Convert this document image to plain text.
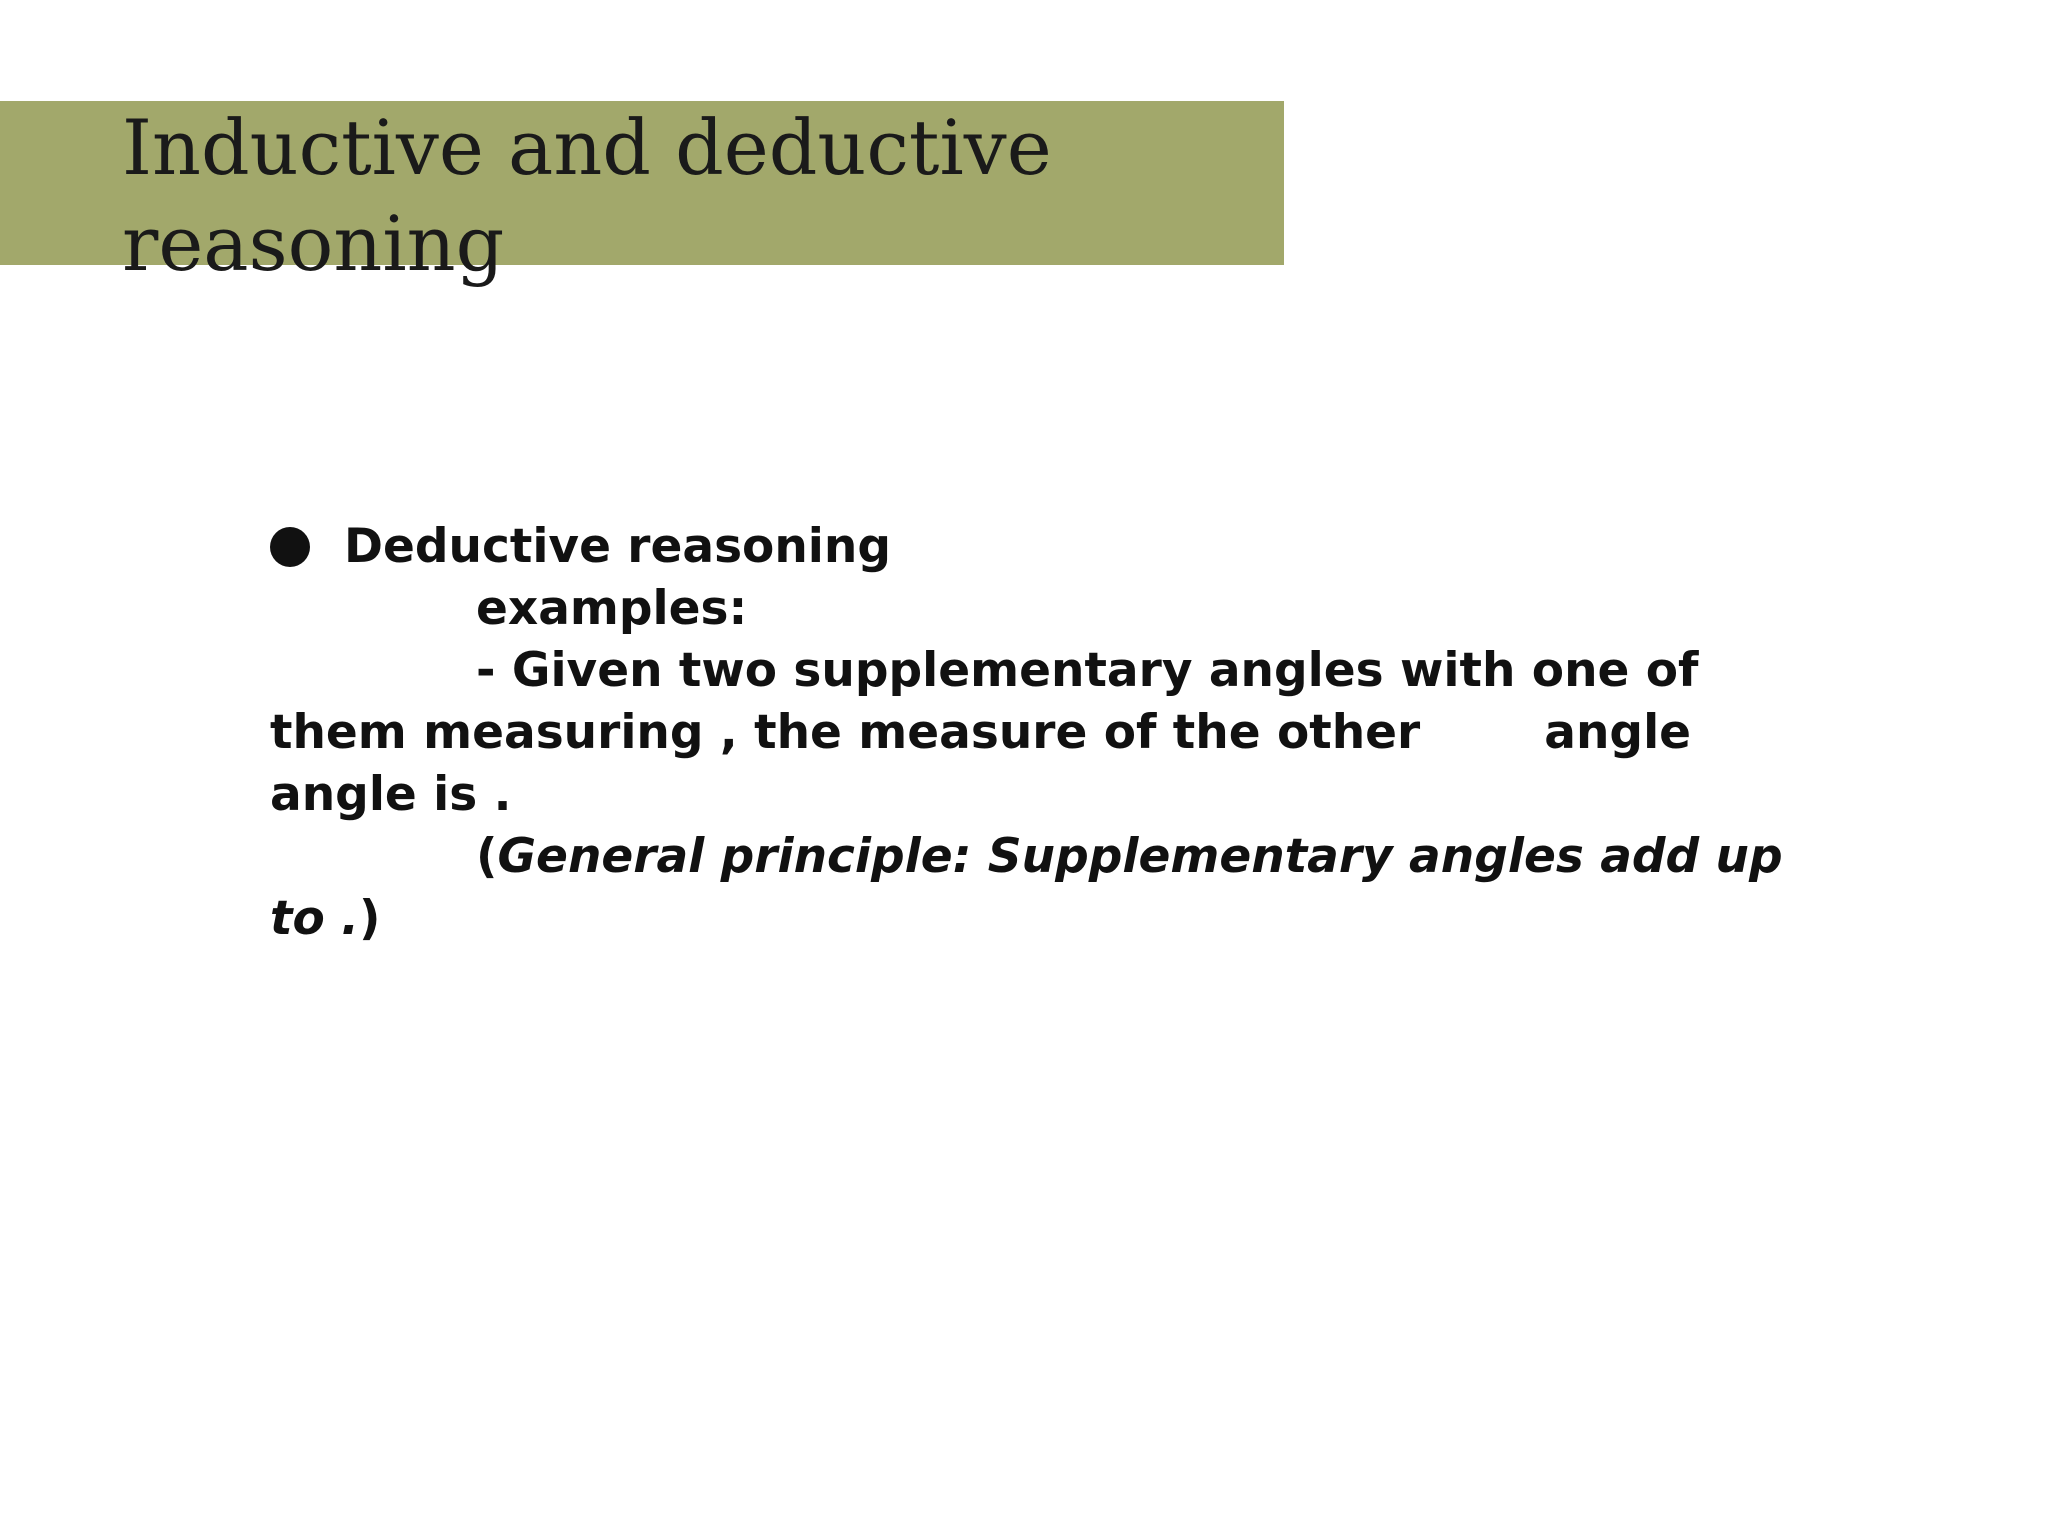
Inductive and deductive reasoning
Deductive reasoning
examples:
- Given two supplementary angles with one of
them measuring , the measure of the other	angle
angle is .
(General principle: Supplementary angles add up
to .)
